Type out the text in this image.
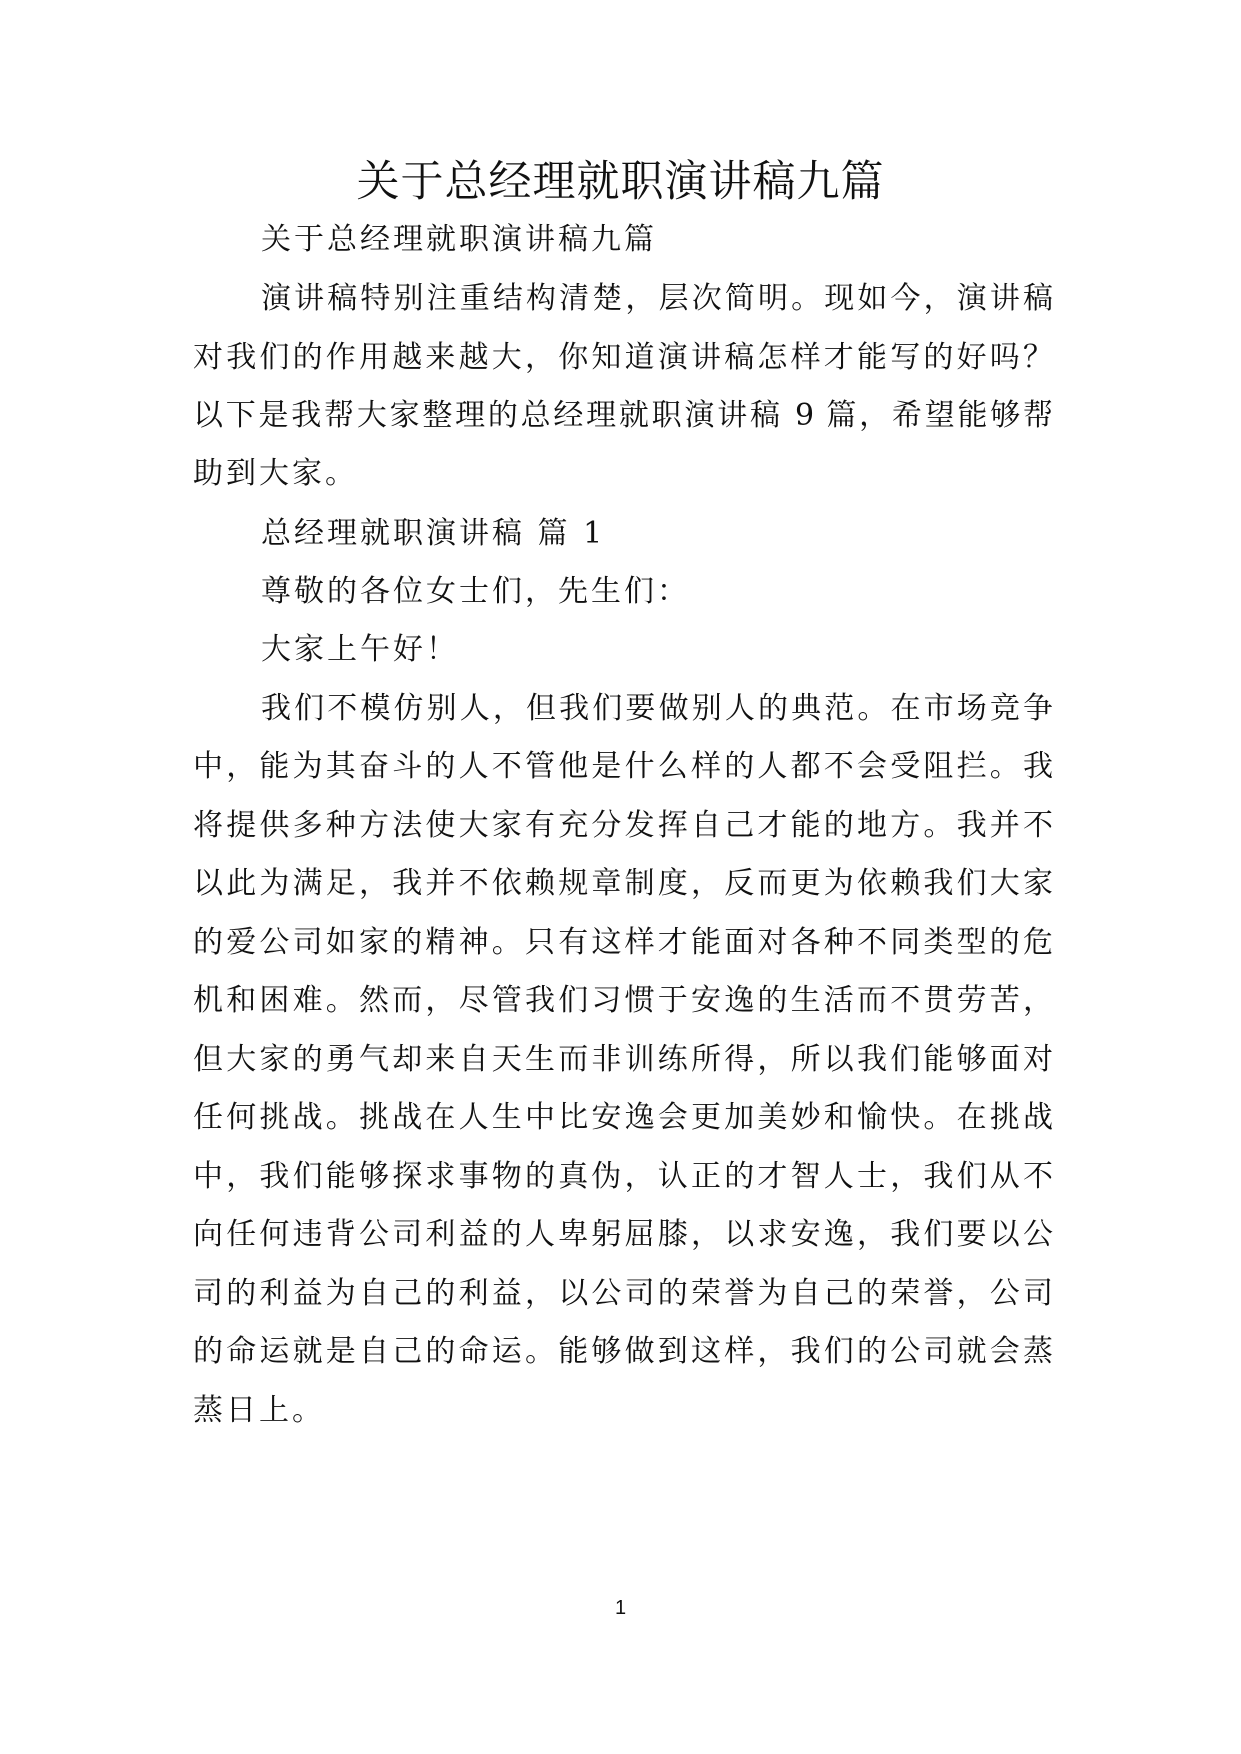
关于总经理就职演讲稿九篇
关于总经理就职演讲稿九篇
演讲稿特别注重结构清楚，层次简明。现如今，演讲稿
对我们的作用越来越大，你知道演讲稿怎样才能写的好吗？
以下是我帮大家整理的总经理就职演讲稿 9 篇，希望能够帮
助到大家。
总经理就职演讲稿 篇 1
尊敬的各位女士们，先生们：
大家上午好！
我们不模仿别人，但我们要做别人的典范。在市场竞争
中，能为其奋斗的人不管他是什么样的人都不会受阻拦。我
将提供多种方法使大家有充分发挥自己才能的地方。我并不
以此为满足，我并不依赖规章制度，反而更为依赖我们大家
的爱公司如家的精神。只有这样才能面对各种不同类型的危
机和困难。然而，尽管我们习惯于安逸的生活而不贯劳苦，
但大家的勇气却来自天生而非训练所得，所以我们能够面对
任何挑战。挑战在人生中比安逸会更加美妙和愉快。在挑战
中，我们能够探求事物的真伪，认正的才智人士，我们从不
向任何违背公司利益的人卑躬屈膝，以求安逸，我们要以公
司的利益为自己的利益，以公司的荣誉为自己的荣誉，公司
的命运就是自己的命运。能够做到这样，我们的公司就会蒸
蒸日上。
1
